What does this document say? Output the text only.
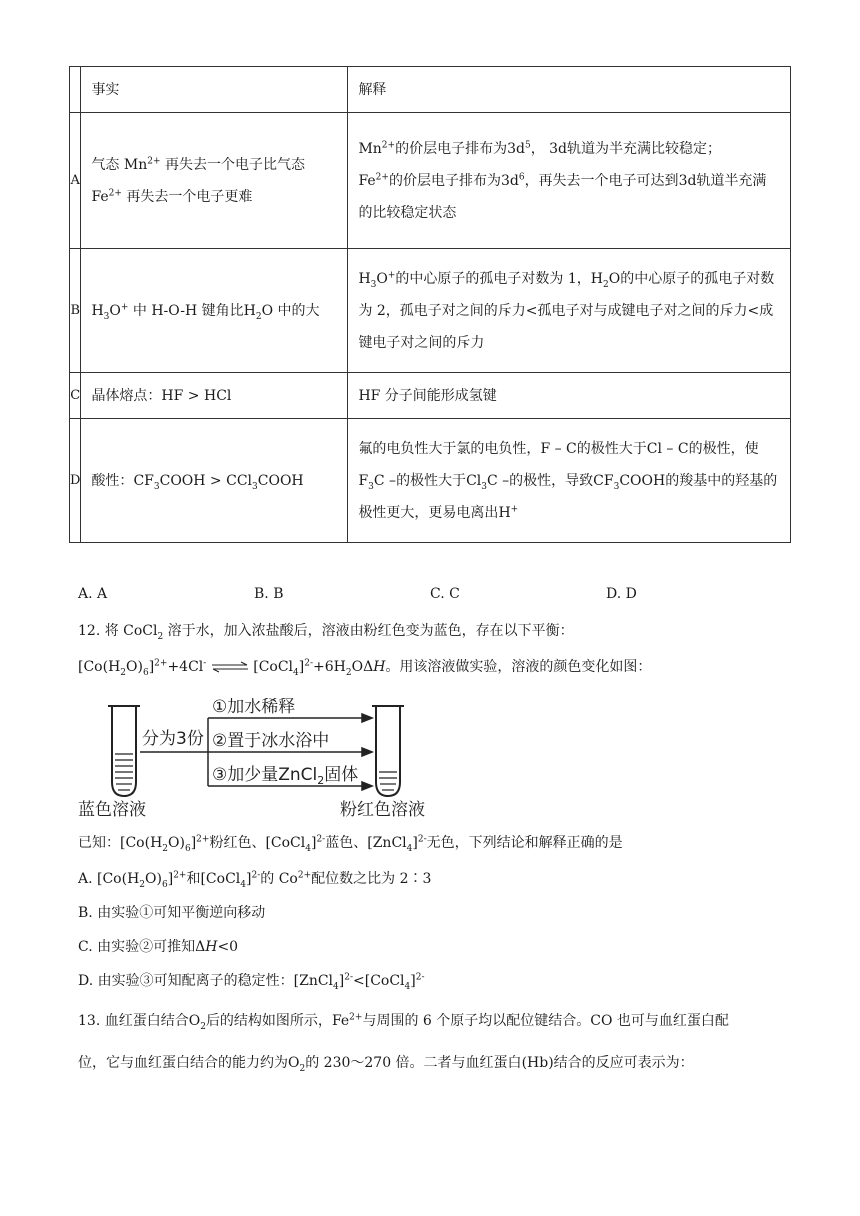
	事实	解释
A	气态 $Mn^{2+}$ 再失去一个电子比气态
$Fe^{2+}$ 再失去一个电子更难	$Mn^{2+}$的价层电子排布为$3d^5$， 3d轨道为半充满比较稳定；
$Fe^{2+}$的价层电子排布为$3d^6$，再失去一个电子可达到3d轨道半充满的比较稳定状态
B	$H_3O^+$ 中 H-O-H 键角比$H_2O$ 中的大	$H_3O^+$的中心原子的孤电子对数为 1，$H_2O$的中心原子的孤电子对数为 2，孤电子对之间的斥力<孤电子对与成键电子对之间的斥力<成键电子对之间的斥力
C	晶体熔点：HF > HCl	HF 分子间能形成氢键
D	酸性：$CF_3COOH$ > CCl$_3$COOH	氟的电负性大于氯的电负性，F – C的极性大于Cl – C的极性，使$F_3C$ –的极性大于$Cl_3C$ –的极性，导致$CF_3COOH$的羧基中的羟基的极性更大，更易电离出H+
A. A	B. B	C. C	D. D
12. 将 CoCl$_2$ 溶于水，加入浓盐酸后，溶液由粉红色变为蓝色，存在以下平衡：
$[Co(H_2O)_6]^{2+}+4Cl^-$ ⇌ $[CoCl_4]^{2-}+6H_2O\Delta H$。用该溶液做实验，溶液的颜色变化如图：
分为3份
①加水稀释
②置于冰水浴中
③加少量ZnCl$_2$固体
蓝色溶液	粉红色溶液
已知：$[Co(H_2O)_6]^{2+}$粉红色、[CoCl$_4$]$^{2-}$蓝色、[ZnCl$_4$]$^{2-}$无色，下列结论和解释正确的是
A. $[Co(H_2O)_6]^{2+}$和[CoCl$_4$]$^{2-}$的 $Co^{2+}$配位数之比为 2∶3
B. 由实验①可知平衡逆向移动
C. 由实验②可推知ΔH<0
D. 由实验③可知配离子的稳定性：[ZnCl$_4$]$^{2-}$<[CoCl$_4$]$^{2-}$
13. 血红蛋白结合$O_2$后的结构如图所示，$Fe^{2+}$与周围的 6 个原子均以配位键结合。CO 也可与血红蛋白配
位，它与血红蛋白结合的能力约为$O_2$的 230～270 倍。二者与血红蛋白(Hb)结合的反应可表示为：
